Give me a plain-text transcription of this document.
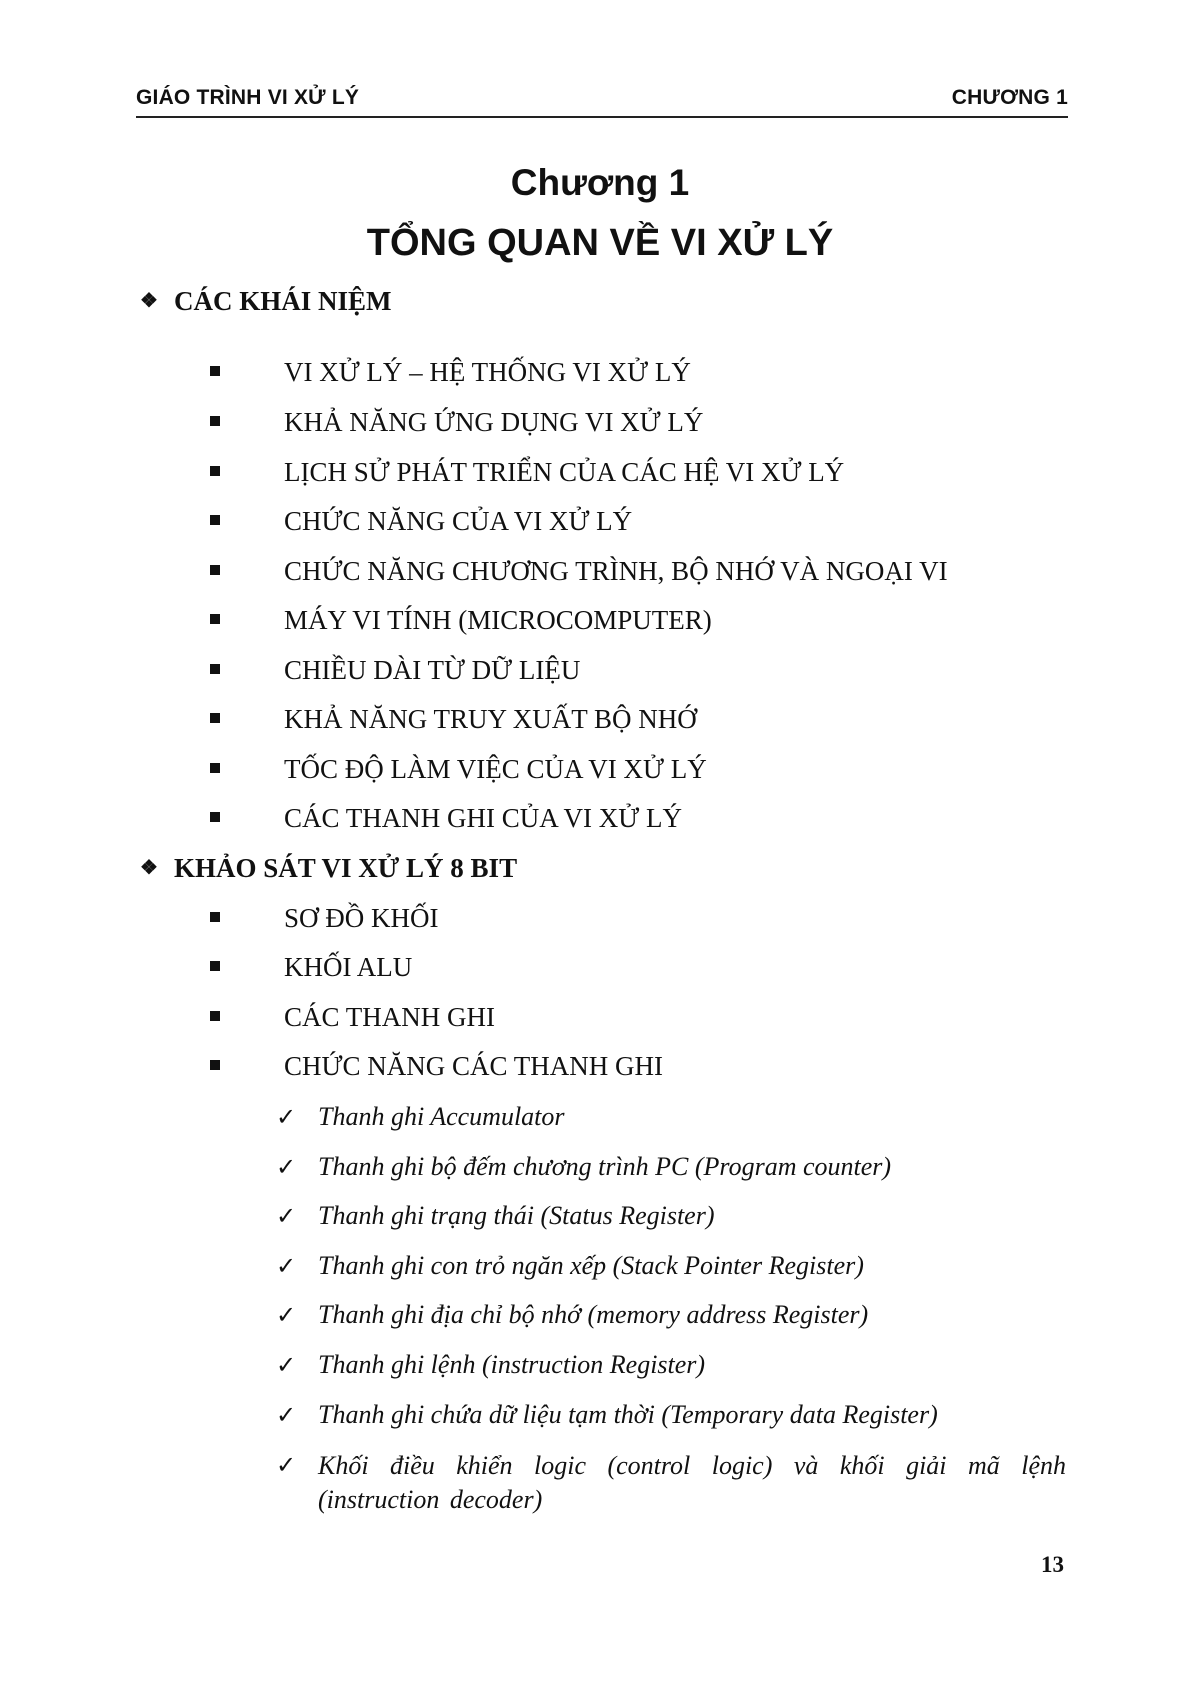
GIÁO TRÌNH VI XỬ LÝ	CHƯƠNG 1
Chương 1
TỔNG QUAN VỀ VI XỬ LÝ
❖ CÁC KHÁI NIỆM
VI XỬ LÝ – HỆ THỐNG VI XỬ LÝ
KHẢ NĂNG ỨNG DỤNG VI XỬ LÝ
LỊCH SỬ PHÁT TRIỂN CỦA CÁC HỆ VI XỬ LÝ
CHỨC NĂNG CỦA VI XỬ LÝ
CHỨC NĂNG CHƯƠNG TRÌNH, BỘ NHỚ VÀ NGOẠI VI
MÁY VI TÍNH (MICROCOMPUTER)
CHIỀU DÀI TỪ DỮ LIỆU
KHẢ NĂNG TRUY XUẤT BỘ NHỚ
TỐC ĐỘ LÀM VIỆC CỦA VI XỬ LÝ
CÁC THANH GHI CỦA VI XỬ LÝ
❖ KHẢO SÁT VI XỬ LÝ 8 BIT
SƠ ĐỒ KHỐI
KHỐI ALU
CÁC THANH GHI
CHỨC NĂNG CÁC THANH GHI
✓ Thanh ghi Accumulator
✓ Thanh ghi bộ đếm chương trình PC (Program counter)
✓ Thanh ghi trạng thái (Status Register)
✓ Thanh ghi con trỏ ngăn xếp (Stack Pointer Register)
✓ Thanh ghi địa chỉ bộ nhớ (memory address Register)
✓ Thanh ghi lệnh (instruction Register)
✓ Thanh ghi chứa dữ liệu tạm thời (Temporary data Register)
✓ Khối điều khiển logic (control logic) và khối giải mã lệnh (instruction decoder)
13
